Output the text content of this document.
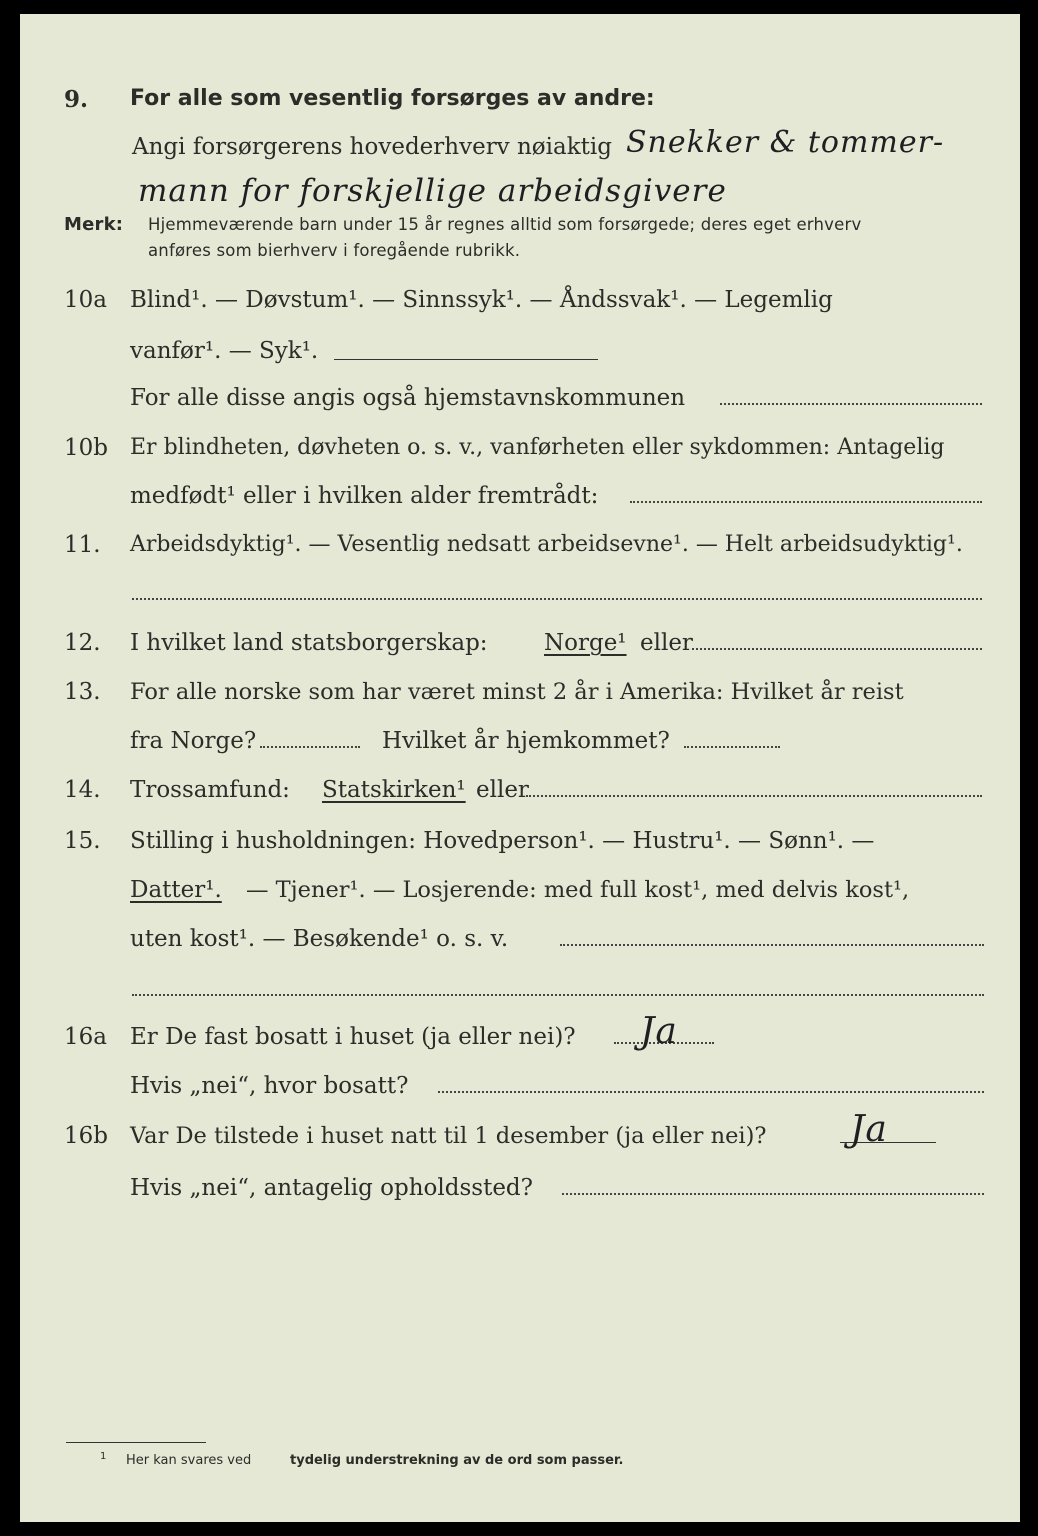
9. For alle som vesentlig forsørges av andre:
Angi forsørgerens hovederhverv nøiaktig Snekker & tommer-
mann for forskjellige arbeidsgivere
Merk: Hjemmeværende barn under 15 år regnes alltid som forsørgede; deres eget erhverv
anføres som bierhverv i foregående rubrikk.
10a Blind¹. — Døvstum¹. — Sinnssyk¹. — Åndssvak¹. — Legemlig
vanfør¹. — Syk¹.
For alle disse angis også hjemstavnskommunen
10b Er blindheten, døvheten o. s. v., vanførheten eller sykdommen: Antagelig
medfødt¹ eller i hvilken alder fremtrådt:
11. Arbeidsdyktig¹. — Vesentlig nedsatt arbeidsevne¹. — Helt arbeidsudyktig¹.
12. I hvilket land statsborgerskap: Norge¹ eller
13. For alle norske som har været minst 2 år i Amerika: Hvilket år reist
fra Norge?	Hvilket år hjemkommet?
14. Trossamfund: Statskirken¹ eller
15. Stilling i husholdningen: Hovedperson¹. — Hustru¹. — Sønn¹. —
Datter¹. — Tjener¹. — Losjerende: med full kost¹, med delvis kost¹,
uten kost¹. — Besøkende¹ o. s. v.
16a Er De fast bosatt i huset (ja eller nei)? Ja
Hvis „nei“, hvor bosatt?
16b Var De tilstede i huset natt til 1 desember (ja eller nei)? Ja
Hvis „nei“, antagelig opholdssted?
1 Her kan svares ved	tydelig understrekning av de ord som passer.
